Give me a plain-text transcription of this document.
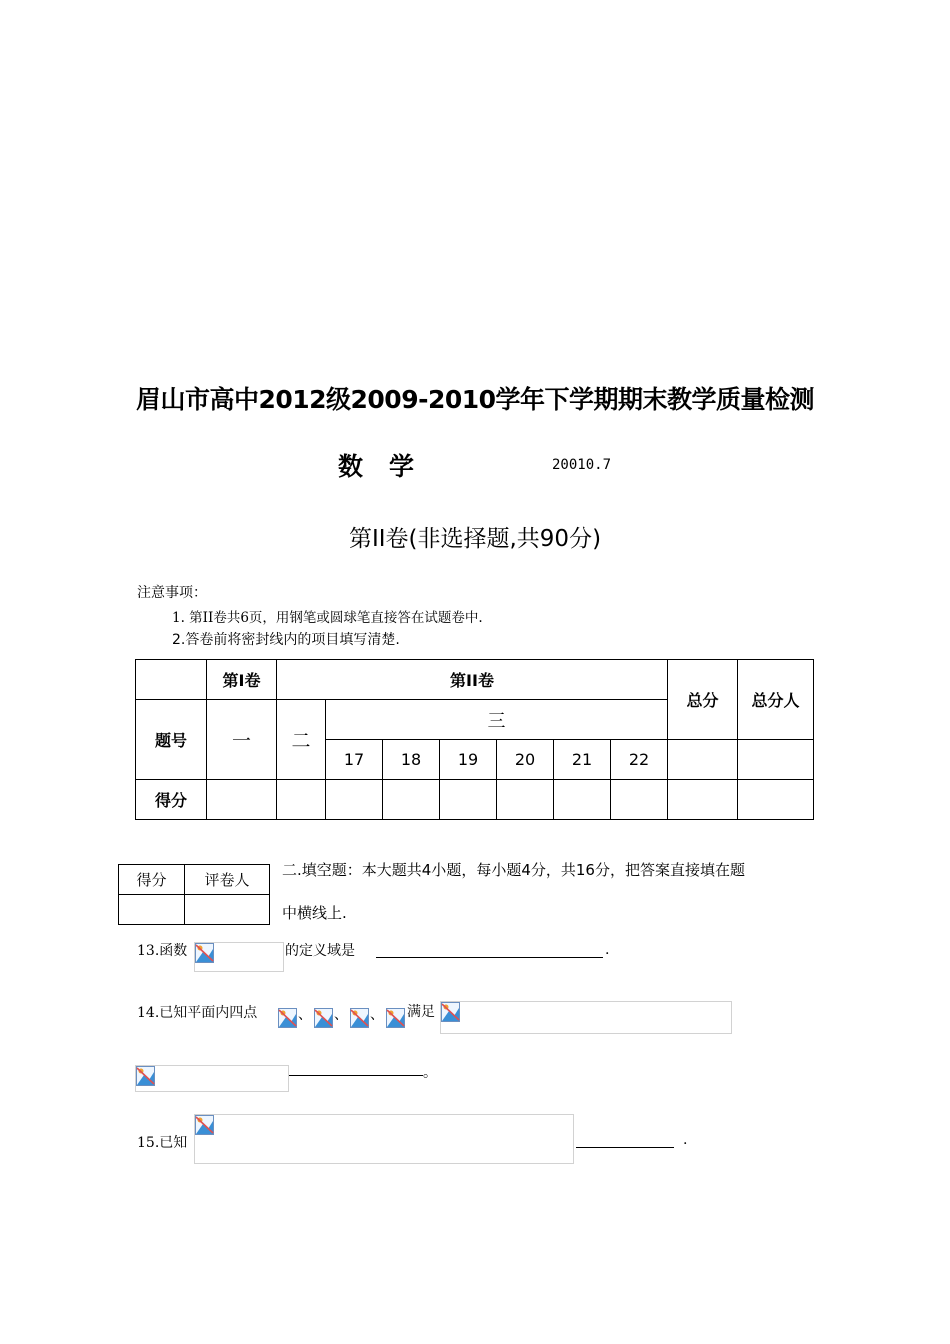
眉山市高中2012级2009-2010学年下学期期末教学质量检测
数学	20010.7
第II卷(非选择题,共90分)
注意事项：
1. 第II卷共6页，用钢笔或圆球笔直接答在试题卷中.
2.答卷前将密封线内的项目填写清楚.
	第I卷	第II卷							总分	总分人
题号	一	二	三							
			17	18	19	20	21	22		
得分										
得分	评卷人

二.填空题：本大题共4小题，每小题4分，共16分，把答案直接填在题
中横线上.
13.函数	的定义域是	.
14.已知平面内四点	、 、 、 满足
。
15.已知	.
